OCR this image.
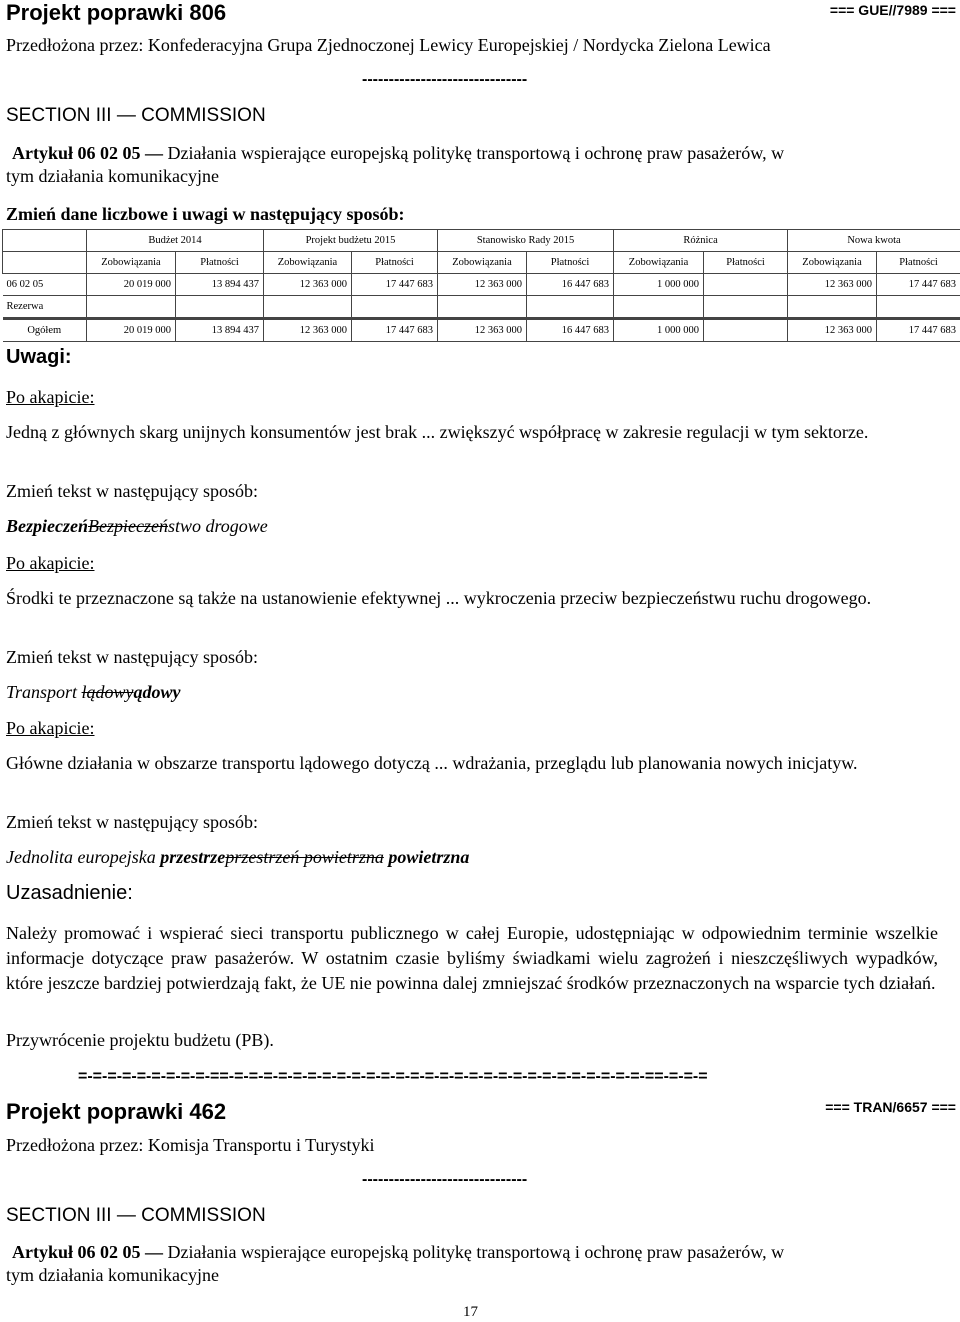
Projekt poprawki 806	=== GUE//7989 ===
Przedłożona przez: Konfederacyjna Grupa Zjednoczonej Lewicy Europejskiej / Nordycka Zielona Lewica
-------------------------------
SECTION III — COMMISSION
Artykuł 06 02 05 — Działania wspierające europejską politykę transportową i ochronę praw pasażerów, w
tym działania komunikacyjne
Zmień dane liczbowe i uwagi w następujący sposób:
	Budżet 2014		Projekt budżetu 2015		Stanowisko Rady 2015		Różnica		Nowa kwota	
	Zobowiązania	Płatności	Zobowiązania	Płatności	Zobowiązania	Płatności	Zobowiązania	Płatności	Zobowiązania	Płatności
06 02 05	20 019 000	13 894 437	12 363 000	17 447 683	12 363 000	16 447 683	1 000 000		12 363 000	17 447 683
Rezerwa										
Ogółem	20 019 000	13 894 437	12 363 000	17 447 683	12 363 000	16 447 683	1 000 000		12 363 000	17 447 683
Uwagi:
Po akapicie:
Jedną z głównych skarg unijnych konsumentów jest brak ... zwiększyć współpracę w zakresie regulacji w tym sektorze.
Zmień tekst w następujący sposób:
BezpieczeńBezpieczeństwo drogowe
Po akapicie:
Środki te przeznaczone są także na ustanowienie efektywnej ... wykroczenia przeciw bezpieczeństwu ruchu drogowego.
Zmień tekst w następujący sposób:
Transport lądowyądowy
Po akapicie:
Główne działania w obszarze transportu lądowego dotyczą ... wdrażania, przeglądu lub planowania nowych inicjatyw.
Zmień tekst w następujący sposób:
Jednolita europejska przestrzeprzestrzeń powietrzna powietrzna
Uzasadnienie:
Należy promować i wspierać sieci transportu publicznego w całej Europie, udostępniając w odpowiednim terminie wszelkie informacje dotyczące praw pasażerów. W ostatnim czasie byliśmy świadkami wielu zagrożeń i nieszczęśliwych wypadków, które jeszcze bardziej potwierdzają fakt, że UE nie powinna dalej zmniejszać środków przeznaczonych na wsparcie tych działań.
Przywrócenie projektu budżetu (PB).
=-=-=-=-=-=-=-=-=-==-=-=-=-=-=-=-=-=-=-=-=-=-=-=-=-=-=-=-=-=-=-=-=-=-=-=-=-=-==-=-=-=
Projekt poprawki 462	=== TRAN/6657 ===
Przedłożona przez: Komisja Transportu i Turystyki
-------------------------------
SECTION III — COMMISSION
Artykuł 06 02 05 — Działania wspierające europejską politykę transportową i ochronę praw pasażerów, w
tym działania komunikacyjne
17
